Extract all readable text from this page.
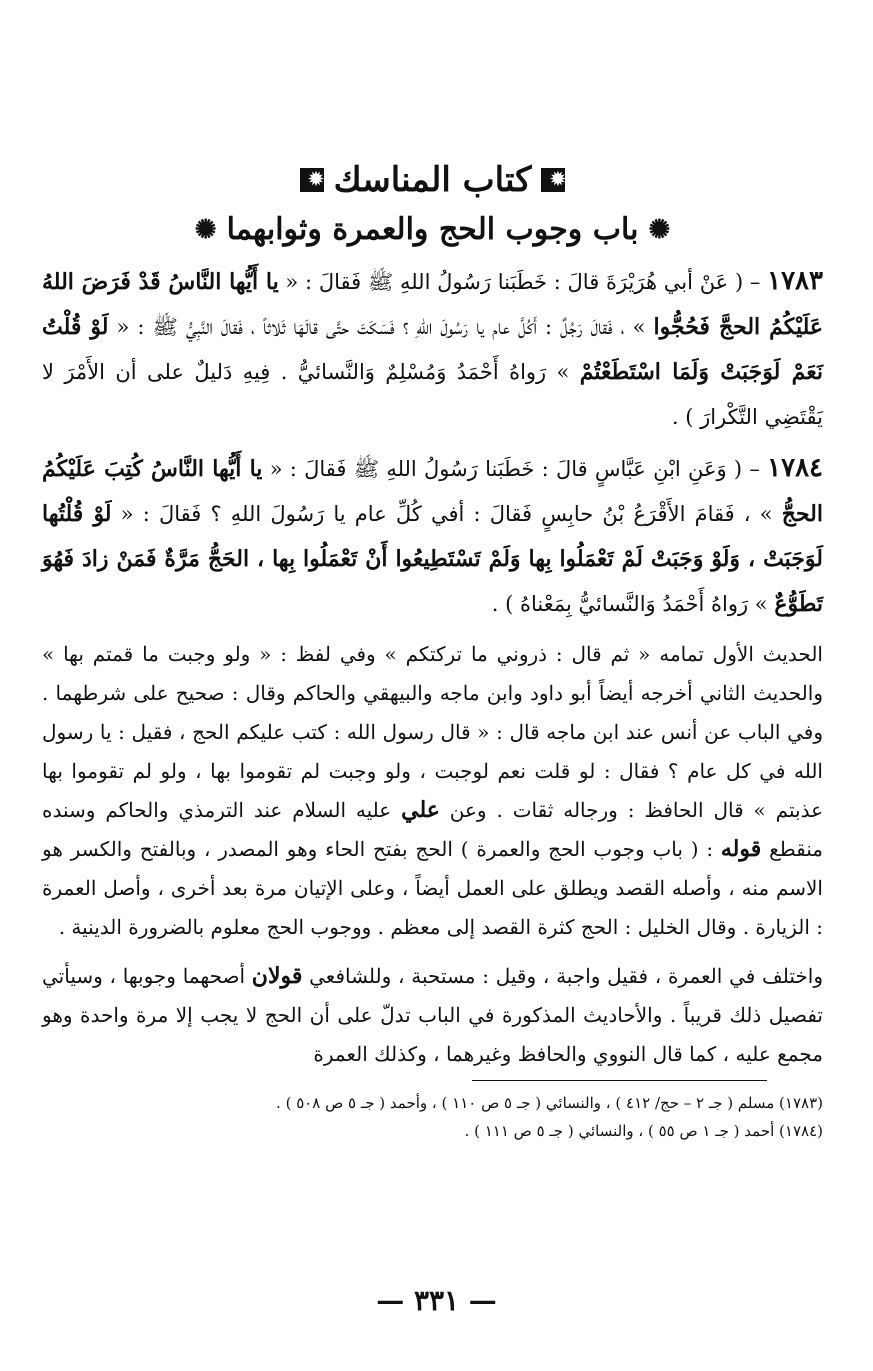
✹
كتاب المناسك
✹
✺
باب وجوب الحج والعمرة وثوابهما
✺

١٧٨٣ – ( عَنْ أبي هُرَيْرَةَ قالَ : خَطَبَنا رَسُولُ اللهِ ﷺ فَقالَ : « يا أَيُّها النَّاسُ قَدْ فَرَضَ اللهُ عَلَيْكُمُ الحجَّ فَحُجُّوا » ، فَقالَ رَجُلٌ : أَكُلَّ عام يا رَسُولَ اللهِ ؟ فَسَكَتَ حتَّى قالَهَا ثَلاثاً ، فَقالَ النَّبِيُّ ﷺ : « لَوْ قُلْتُ نَعَمْ لَوَجَبَتْ وَلَمَا اسْتَطَعْتُمْ » رَواهُ أَحْمَدُ وَمُسْلِمٌ وَالنَّسائيُّ . فِيهِ دَليلٌ على أن الأَمْرَ لا يَقْتَضِي التَّكْرارَ ) .

١٧٨٤ – ( وَعَنِ ابْنِ عَبَّاسٍ قالَ : خَطَبَنا رَسُولُ اللهِ ﷺ فَقالَ : « يا أَيُّها النَّاسُ كُتِبَ عَلَيْكُمُ الحجُّ » ، فَقامَ الأَقْرَعُ بْنُ حابِسٍ فَقالَ : أفي كُلِّ عام يا رَسُولَ اللهِ ؟ فَقالَ : « لَوْ قُلْتُها لَوَجَبَتْ ، وَلَوْ وَجَبَتْ لَمْ تَعْمَلُوا بِها وَلَمْ تَسْتَطِيعُوا أَنْ تَعْمَلُوا بِها ، الحَجُّ مَرَّةٌ فَمَنْ زادَ فَهُوَ تَطَوُّعٌ » رَواهُ أَحْمَدُ وَالنَّسائيُّ بِمَعْناهُ ) .

الحديث الأول تمامه « ثم قال : ذروني ما تركتكم » وفي لفظ : « ولو وجبت ما قمتم بها » والحديث الثاني أخرجه أيضاً أبو داود وابن ماجه والبيهقي والحاكم وقال : صحيح على شرطهما . وفي الباب عن أنس عند ابن ماجه قال : « قال رسول الله : كتب عليكم الحج ، فقيل : يا رسول الله في كل عام ؟ فقال : لو قلت نعم لوجبت ، ولو وجبت لم تقوموا بها ، ولو لم تقوموا بها عذبتم » قال الحافظ : ورجاله ثقات . وعن علي عليه السلام عند الترمذي والحاكم وسنده منقطع قوله : ( باب وجوب الحج والعمرة ) الحج بفتح الحاء وهو المصدر ، وبالفتح والكسر هو الاسم منه ، وأصله القصد ويطلق على العمل أيضاً ، وعلى الإتيان مرة بعد أخرى ، وأصل العمرة : الزيارة . وقال الخليل : الحج كثرة القصد إلى معظم . ووجوب الحج معلوم بالضرورة الدينية .

واختلف في العمرة ، فقيل واجبة ، وقيل : مستحبة ، وللشافعي قولان أصحهما وجوبها ، وسيأتي تفصيل ذلك قريباً . والأحاديث المذكورة في الباب تدلّ على أن الحج لا يجب إلا مرة واحدة وهو مجمع عليه ، كما قال النووي والحافظ وغيرهما ، وكذلك العمرة

(١٧٨٣) مسلم ( جـ ٢ – حج/ ٤١٢ ) ، والنسائي ( جـ ٥ ص ١١٠ ) ، وأحمد ( جـ ٥ ص ٥٠٨ ) .

(١٧٨٤) أحمد ( جـ ١ ص ٥٥ ) ، والنسائي ( جـ ٥ ص ١١١ ) .

— ٣٣١ —
